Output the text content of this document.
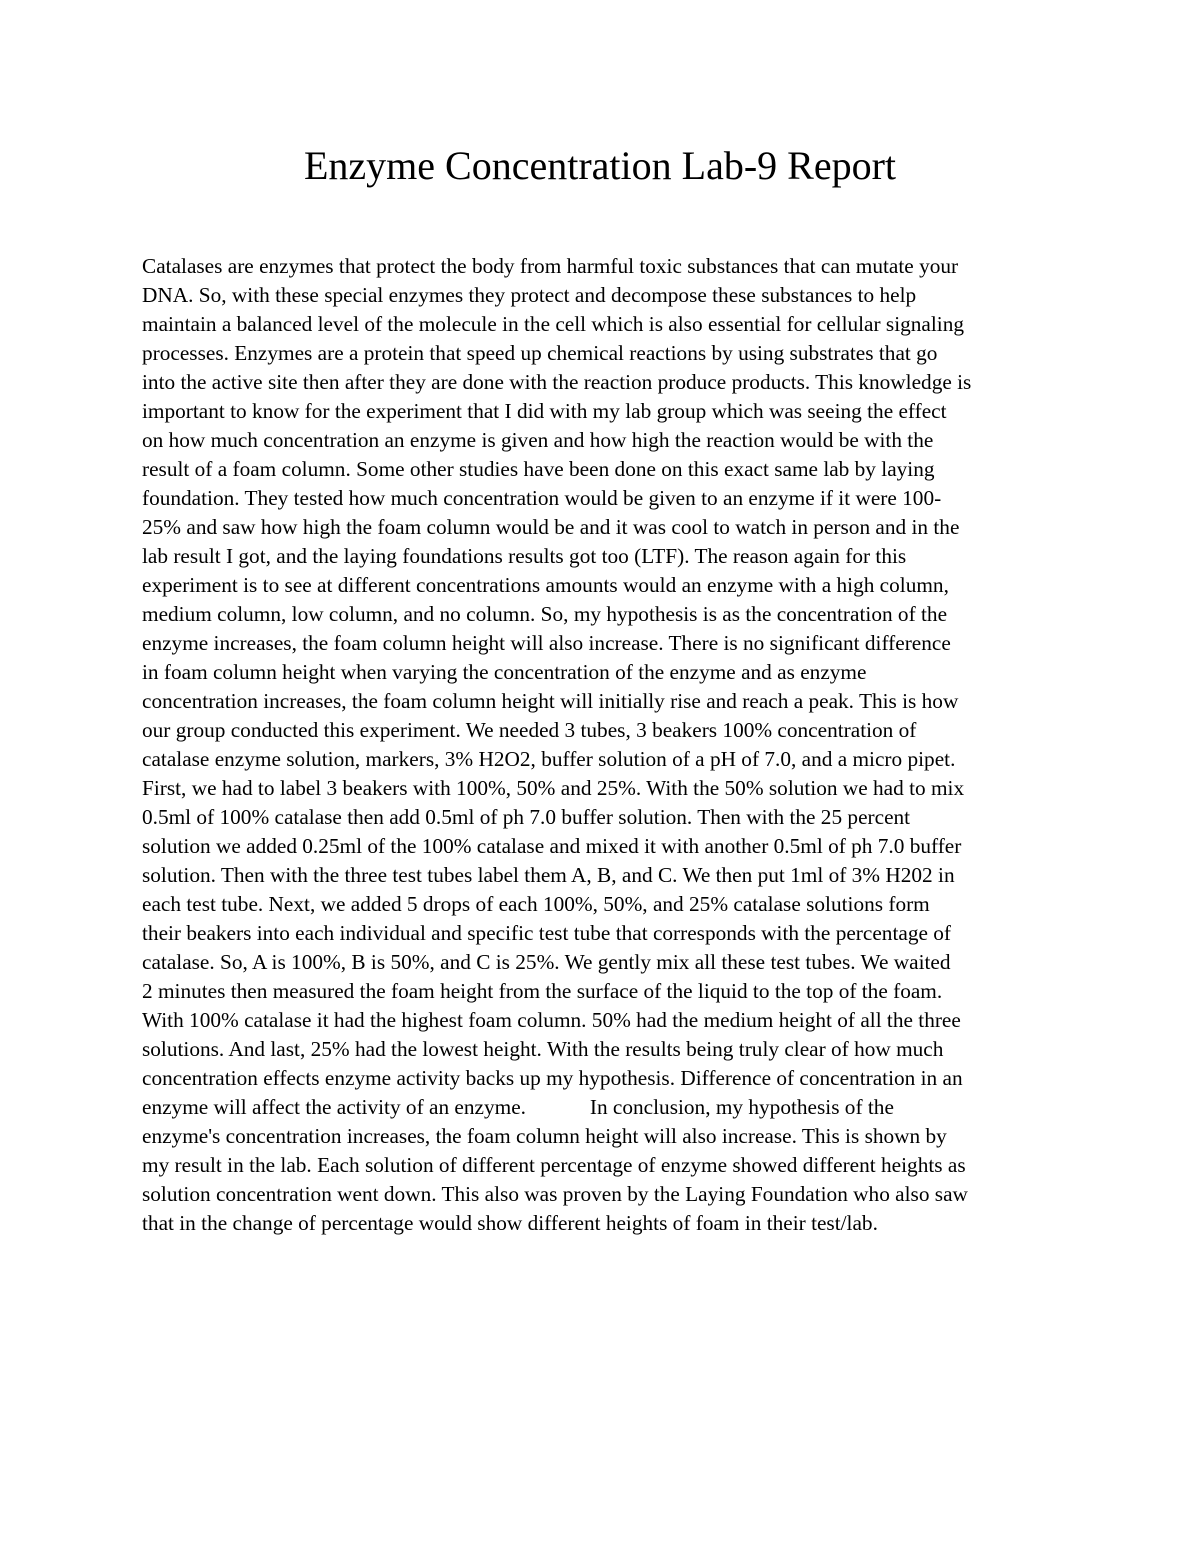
Enzyme Concentration Lab-9 Report
Catalases are enzymes that protect the body from harmful toxic substances that can mutate your
DNA. So, with these special enzymes they protect and decompose these substances to help
maintain a balanced level of the molecule in the cell which is also essential for cellular signaling
processes. Enzymes are a protein that speed up chemical reactions by using substrates that go
into the active site then after they are done with the reaction produce products. This knowledge is
important to know for the experiment that I did with my lab group which was seeing the effect
on how much concentration an enzyme is given and how high the reaction would be with the
result of a foam column. Some other studies have been done on this exact same lab by laying
foundation. They tested how much concentration would be given to an enzyme if it were 100-
25% and saw how high the foam column would be and it was cool to watch in person and in the
lab result I got, and the laying foundations results got too (LTF). The reason again for this
experiment is to see at different concentrations amounts would an enzyme with a high column,
medium column, low column, and no column. So, my hypothesis is as the concentration of the
enzyme increases, the foam column height will also increase. There is no significant difference
in foam column height when varying the concentration of the enzyme and as enzyme
concentration increases, the foam column height will initially rise and reach a peak. This is how
our group conducted this experiment. We needed 3 tubes, 3 beakers 100% concentration of
catalase enzyme solution, markers, 3% H2O2, buffer solution of a pH of 7.0, and a micro pipet.
First, we had to label 3 beakers with 100%, 50% and 25%. With the 50% solution we had to mix
0.5ml of 100% catalase then add 0.5ml of ph 7.0 buffer solution. Then with the 25 percent
solution we added 0.25ml of the 100% catalase and mixed it with another 0.5ml of ph 7.0 buffer
solution. Then with the three test tubes label them A, B, and C. We then put 1ml of 3% H202 in
each test tube. Next, we added 5 drops of each 100%, 50%, and 25% catalase solutions form
their beakers into each individual and specific test tube that corresponds with the percentage of
catalase. So, A is 100%, B is 50%, and C is 25%. We gently mix all these test tubes. We waited
2 minutes then measured the foam height from the surface of the liquid to the top of the foam.
With 100% catalase it had the highest foam column. 50% had the medium height of all the three
solutions. And last, 25% had the lowest height. With the results being truly clear of how much
concentration effects enzyme activity backs up my hypothesis. Difference of concentration in an
enzyme will affect the activity of an enzyme.            In conclusion, my hypothesis of the
enzyme's concentration increases, the foam column height will also increase. This is shown by
my result in the lab. Each solution of different percentage of enzyme showed different heights as
solution concentration went down. This also was proven by the Laying Foundation who also saw
that in the change of percentage would show different heights of foam in their test/lab.
